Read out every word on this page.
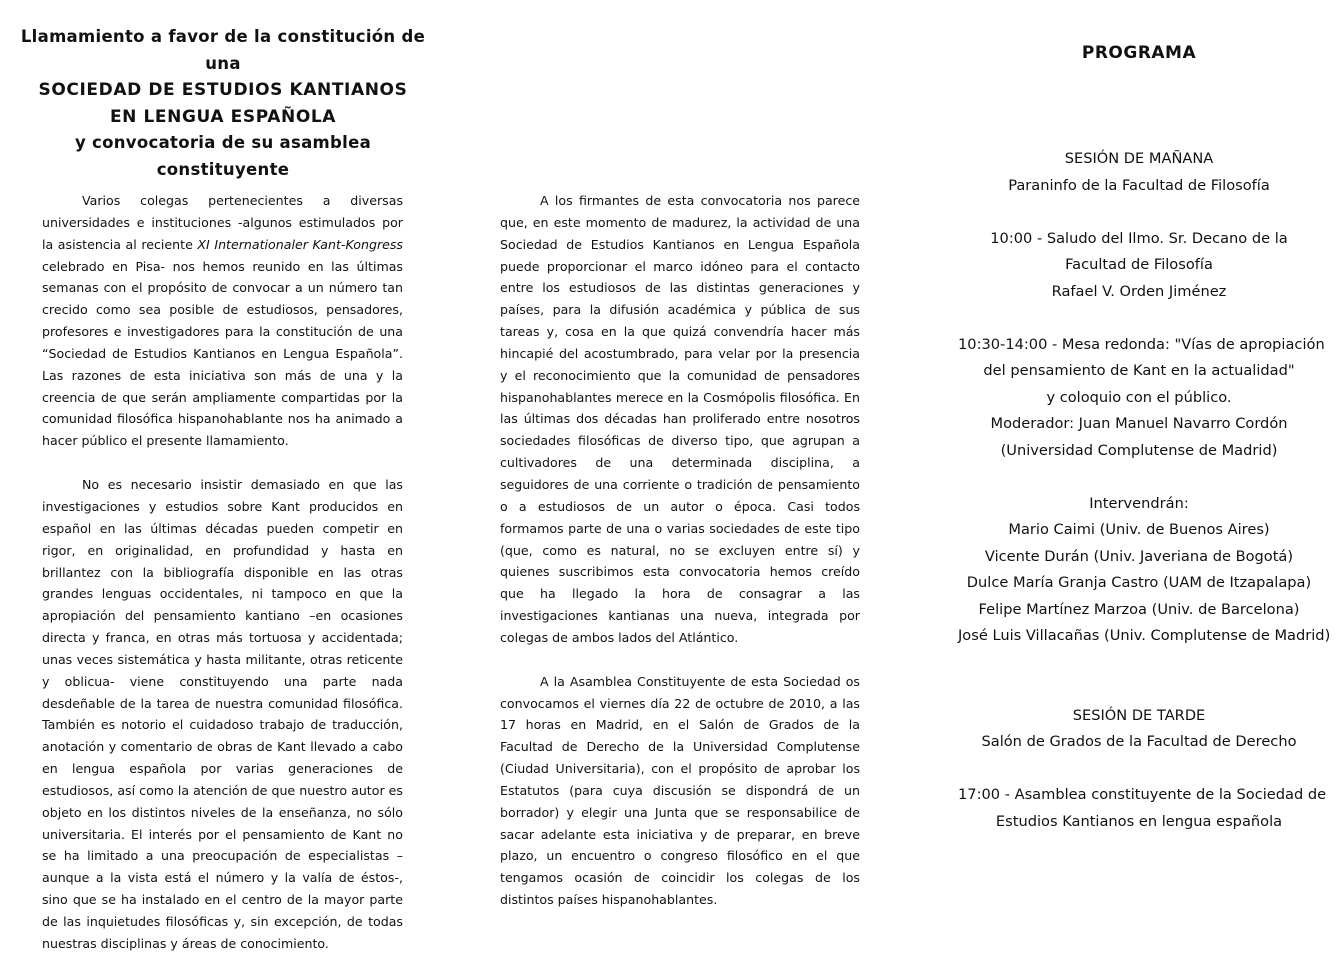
Llamamiento a favor de la constitución de una
SOCIEDAD DE ESTUDIOS KANTIANOS
EN LENGUA ESPAÑOLA
y convocatoria de su asamblea constituyente

Varios colegas pertenecientes a diversas universidades e instituciones -algunos estimulados por la asistencia al reciente XI Internationaler Kant-Kongress celebrado en Pisa- nos hemos reunido en las últimas semanas con el propósito de convocar a un número tan crecido como sea posible de estudiosos, pensadores, profesores e investigadores para la constitución de una “Sociedad de Estudios Kantianos en Lengua Española”. Las razones de esta iniciativa son más de una y la creencia de que serán ampliamente compartidas por la comunidad filosófica hispanohablante nos ha animado a hacer público el presente llamamiento.

No es necesario insistir demasiado en que las investigaciones y estudios sobre Kant producidos en español en las últimas décadas pueden competir en rigor, en originalidad, en profundidad y hasta en brillantez con la bibliografía disponible en las otras grandes lenguas occidentales, ni tampoco en que la apropiación del pensamiento kantiano –en ocasiones directa y franca, en otras más tortuosa y accidentada; unas veces sistemática y hasta militante, otras reticente y oblicua- viene constituyendo una parte nada desdeñable de la tarea de nuestra comunidad filosófica. También es notorio el cuidadoso trabajo de traducción, anotación y comentario de obras de Kant llevado a cabo en lengua española por varias generaciones de estudiosos, así como la atención de que nuestro autor es objeto en los distintos niveles de la enseñanza, no sólo universitaria. El interés por el pensamiento de Kant no se ha limitado a una preocupación de especialistas –aunque a la vista está el número y la valía de éstos-, sino que se ha instalado en el centro de la mayor parte de las inquietudes filosóficas y, sin excepción, de todas nuestras disciplinas y áreas de conocimiento.

A los firmantes de esta convocatoria nos parece que, en este momento de madurez, la actividad de una Sociedad de Estudios Kantianos en Lengua Española puede proporcionar el marco idóneo para el contacto entre los estudiosos de las distintas generaciones y países, para la difusión académica y pública de sus tareas y, cosa en la que quizá convendría hacer más hincapié del acostumbrado, para velar por la presencia y el reconocimiento que la comunidad de pensadores hispanohablantes merece en la Cosmópolis filosófica. En las últimas dos décadas han proliferado entre nosotros sociedades filosóficas de diverso tipo, que agrupan a cultivadores de una determinada disciplina, a seguidores de una corriente o tradición de pensamiento o a estudiosos de un autor o época. Casi todos formamos parte de una o varias sociedades de este tipo (que, como es natural, no se excluyen entre sí) y quienes suscribimos esta convocatoria hemos creído que ha llegado la hora de consagrar a las investigaciones kantianas una nueva, integrada por colegas de ambos lados del Atlántico.

A la Asamblea Constituyente de esta Sociedad os convocamos el viernes día 22 de octubre de 2010, a las 17 horas en Madrid, en el Salón de Grados de la Facultad de Derecho de la Universidad Complutense (Ciudad Universitaria), con el propósito de aprobar los Estatutos (para cuya discusión se dispondrá de un borrador) y elegir una Junta que se responsabilice de sacar adelante esta iniciativa y de preparar, en breve plazo, un encuentro o congreso filosófico en el que tengamos ocasión de coincidir los colegas de los distintos países hispanohablantes.

PROGRAMA
SESIÓN DE MAÑANA
Paraninfo de la Facultad de Filosofía
10:00 - Saludo del Ilmo. Sr. Decano de la
Facultad de Filosofía
Rafael V. Orden Jiménez
10:30-14:00 - Mesa redonda: "Vías de apropiación
del pensamiento de Kant en la actualidad"
y coloquio con el público.
Moderador: Juan Manuel Navarro Cordón
(Universidad Complutense de Madrid)
Intervendrán:
Mario Caimi (Univ. de Buenos Aires)
Vicente Durán (Univ. Javeriana de Bogotá)
Dulce María Granja Castro (UAM de Itzapalapa)
Felipe Martínez Marzoa (Univ. de Barcelona)
José Luis Villacañas (Univ. Complutense de Madrid)
SESIÓN DE TARDE
Salón de Grados de la Facultad de Derecho
17:00 - Asamblea constituyente de la Sociedad de
Estudios Kantianos en lengua española
